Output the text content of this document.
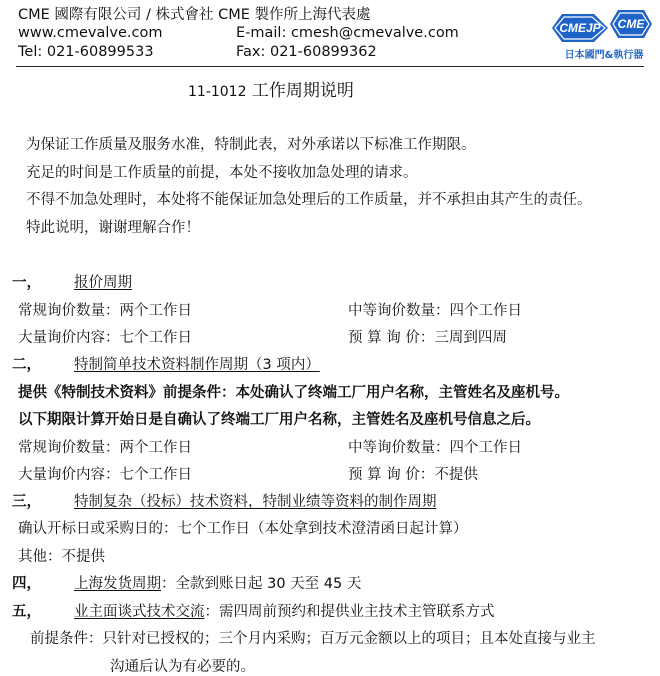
CME 國際有限公司 / 株式會社 CME 製作所上海代表處
www.cmevalve.com	E-mail: cmesh@cmevalve.com
Tel: 021-60899533	Fax: 021-60899362
CMEJP CME
日本國門&執行器
11-1012 工作周期说明
为保证工作质量及服务水准，特制此表，对外承诺以下标准工作期限。
充足的时间是工作质量的前提，本处不接收加急处理的请求。
不得不加急处理时，本处将不能保证加急处理后的工作质量，并不承担由其产生的责任。
特此说明，谢谢理解合作！
一， 报价周期
常规询价数量：两个工作日	中等询价数量：四个工作日
大量询价内容：七个工作日	预 算 询 价：三周到四周
二， 特制简单技术资料制作周期（3 项内）
提供《特制技术资料》前提条件：本处确认了终端工厂用户名称，主管姓名及座机号。
以下期限计算开始日是自确认了终端工厂用户名称，主管姓名及座机号信息之后。
常规询价数量：两个工作日	中等询价数量：四个工作日
大量询价内容：七个工作日	预 算 询 价：不提供
三， 特制复杂（投标）技术资料，特制业绩等资料的制作周期
确认开标日或采购日的：七个工作日（本处拿到技术澄清函日起计算）
其他：不提供
四， 上海发货周期：全款到账日起 30 天至 45 天
五， 业主面谈式技术交流：需四周前预约和提供业主技术主管联系方式
前提条件：只针对已授权的；三个月内采购；百万元金额以上的项目；且本处直接与业主
沟通后认为有必要的。
